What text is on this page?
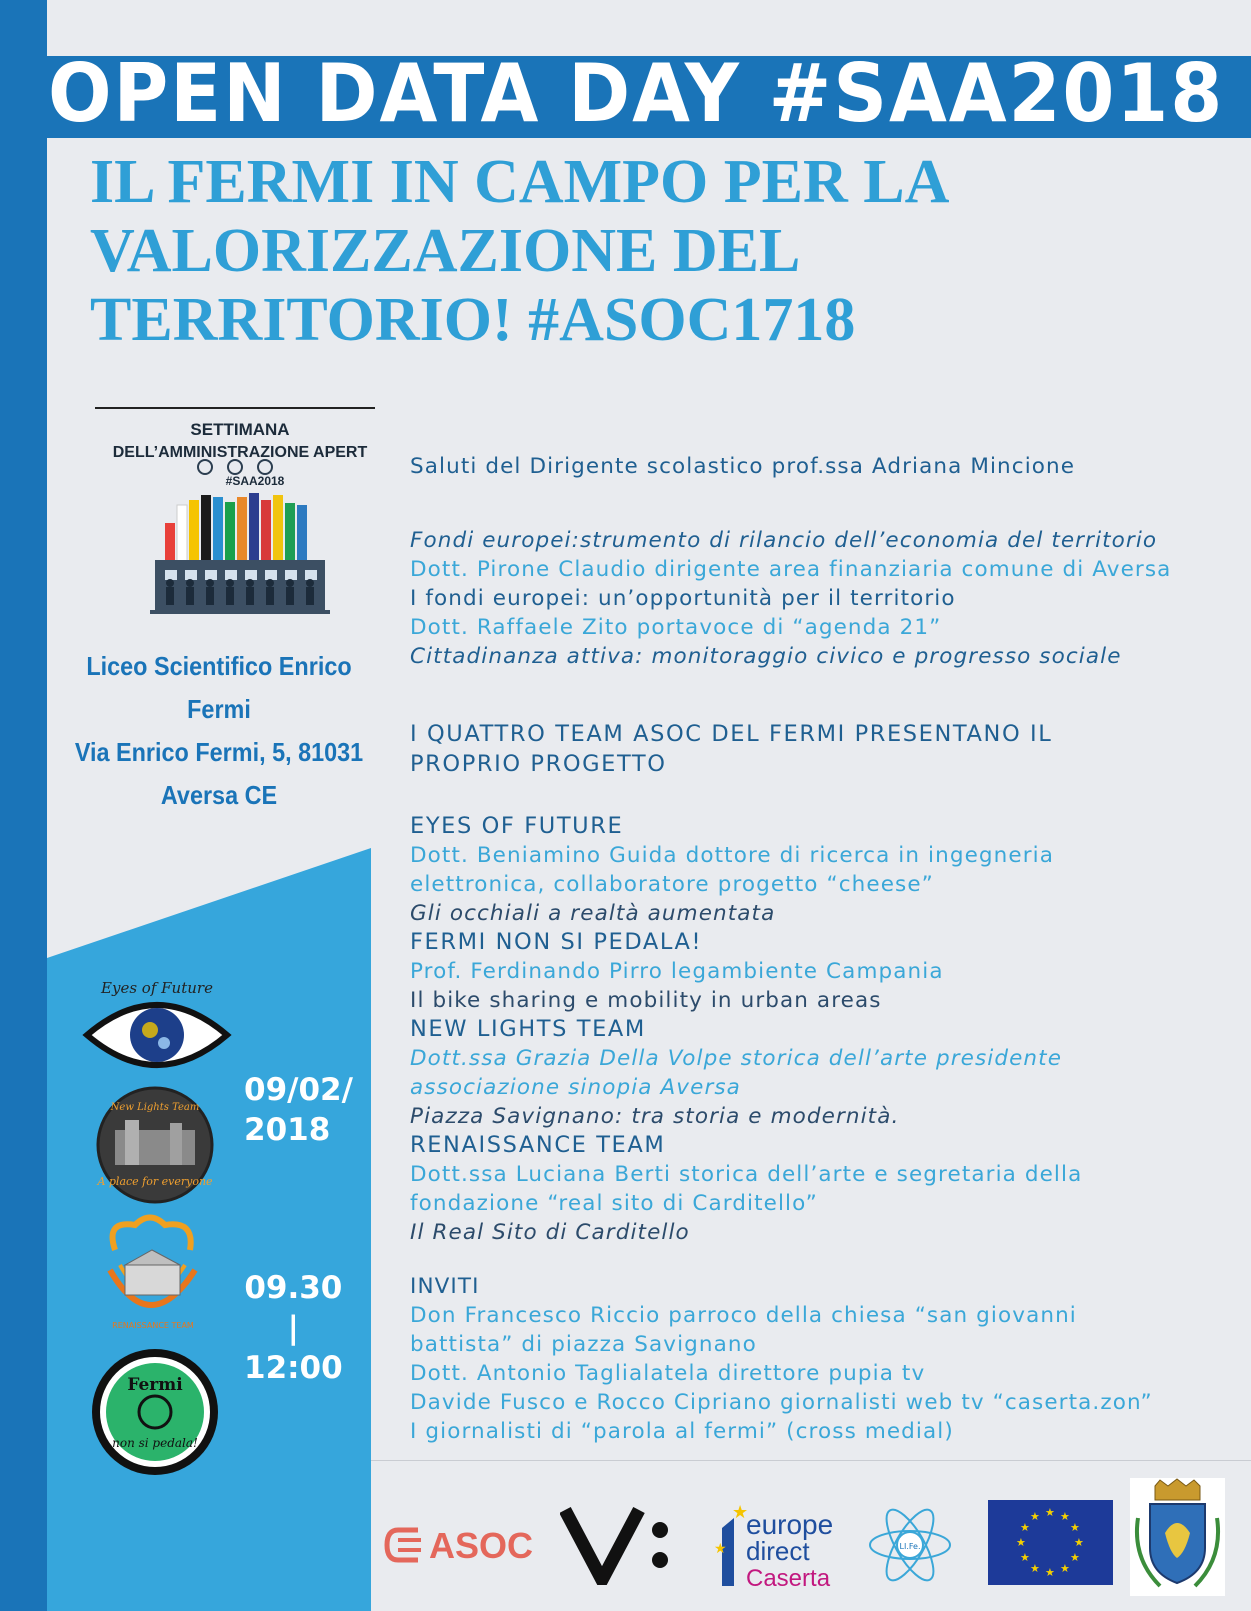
OPEN DATA DAY #SAA2018
IL FERMI IN CAMPO PER LA
VALORIZZAZIONE DEL
TERRITORIO! #ASOC1718
SETTIMANA
DELL’AMMINISTRAZIONE APERT
#SAA2018
Liceo Scientifico Enrico
Fermi
Via Enrico Fermi, 5, 81031
Aversa CE
Eyes of Future
New Lights Team
A place for everyone
RENAISSANCE TEAM
Fermi
non si pedala!
09/02/
2018
09.30
|
12:00
Saluti del Dirigente scolastico prof.ssa Adriana Mincione
Fondi europei:strumento di rilancio dell’economia del territorio
Dott. Pirone Claudio dirigente area finanziaria comune di Aversa
I fondi europei: un’opportunità per il territorio
Dott. Raffaele Zito portavoce di “agenda 21”
Cittadinanza attiva: monitoraggio civico e progresso sociale
I QUATTRO TEAM ASOC DEL FERMI PRESENTANO IL
PROPRIO PROGETTO
EYES OF FUTURE
Dott. Beniamino Guida dottore di ricerca in ingegneria
elettronica, collaboratore progetto “cheese”
Gli occhiali a realtà aumentata
FERMI NON SI PEDALA!
Prof. Ferdinando Pirro legambiente Campania
Il bike sharing e mobility in urban areas
NEW LIGHTS TEAM
Dott.ssa Grazia Della Volpe storica dell’arte presidente
associazione sinopia Aversa
Piazza Savignano: tra storia e modernità.
RENAISSANCE TEAM
Dott.ssa Luciana Berti storica dell’arte e segretaria della
fondazione “real sito di Carditello”
Il Real Sito di Carditello
INVITI
Don Francesco Riccio parroco della chiesa “san giovanni
battista” di piazza Savignano
Dott. Antonio Taglialatela direttore pupia tv
Davide Fusco e Rocco Cipriano giornalisti web tv “caserta.zon”
I giornalisti di “parola al fermi” (cross medial)
ASOC
★
★
europe
direct
Caserta
LI.Fe.
★ ★
★
★
★
★
★
★
★
★
★
★
